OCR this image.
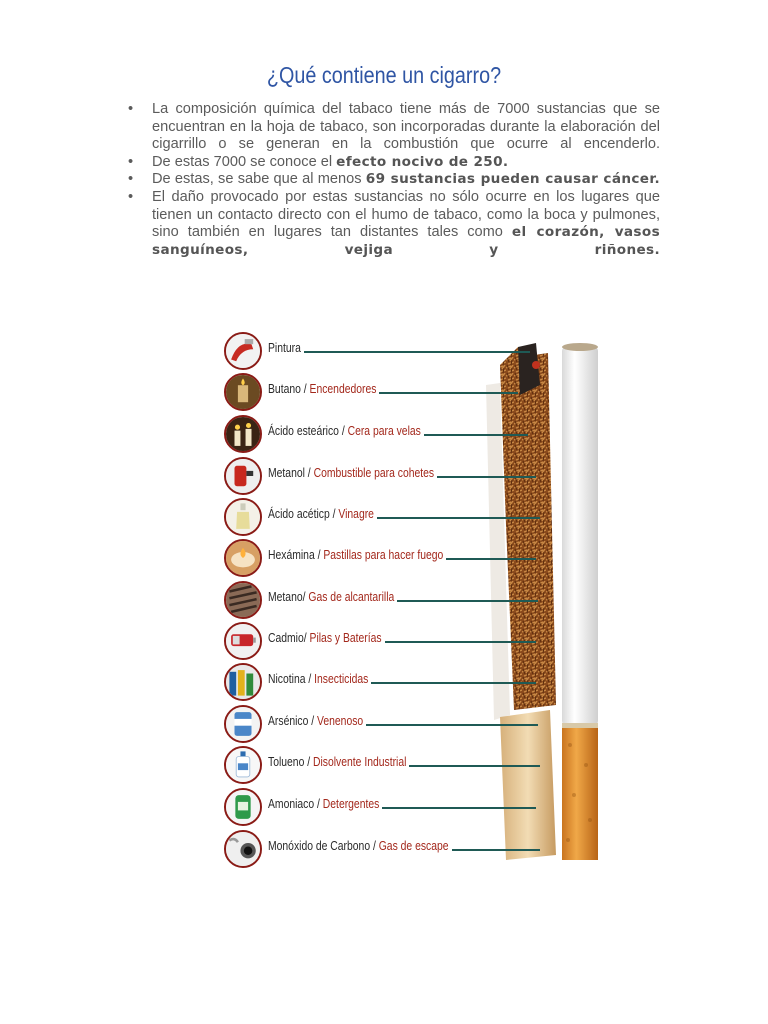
¿Qué contiene un cigarro?
• La composición química del tabaco tiene más de 7000 sustancias que se encuentran en la hoja de tabaco, son incorporadas durante la elaboración del cigarrillo o se generan en la combustión que ocurre al encenderlo.
• De estas 7000 se conoce el efecto nocivo de 250.
• De estas, se sabe que al menos 69 sustancias pueden causar cáncer.
• El daño provocado por estas sustancias no sólo ocurre en los lugares que tienen un contacto directo con el humo de tabaco, como la boca y pulmones, sino también en lugares tan distantes tales como el corazón, vasos sanguíneos, vejiga y riñones.
Pintura
Butano / Encendedores
Ácido esteárico / Cera para velas
Metanol / Combustible para cohetes
Ácido acéticp / Vinagre
Hexámina / Pastillas para hacer fuego
Metano/ Gas de alcantarilla
Cadmio/ Pilas y Baterías
Nicotina / Insecticidas
Arsénico / Venenoso
Tolueno / Disolvente Industrial
Amoniaco / Detergentes
Monóxido de Carbono / Gas de escape
